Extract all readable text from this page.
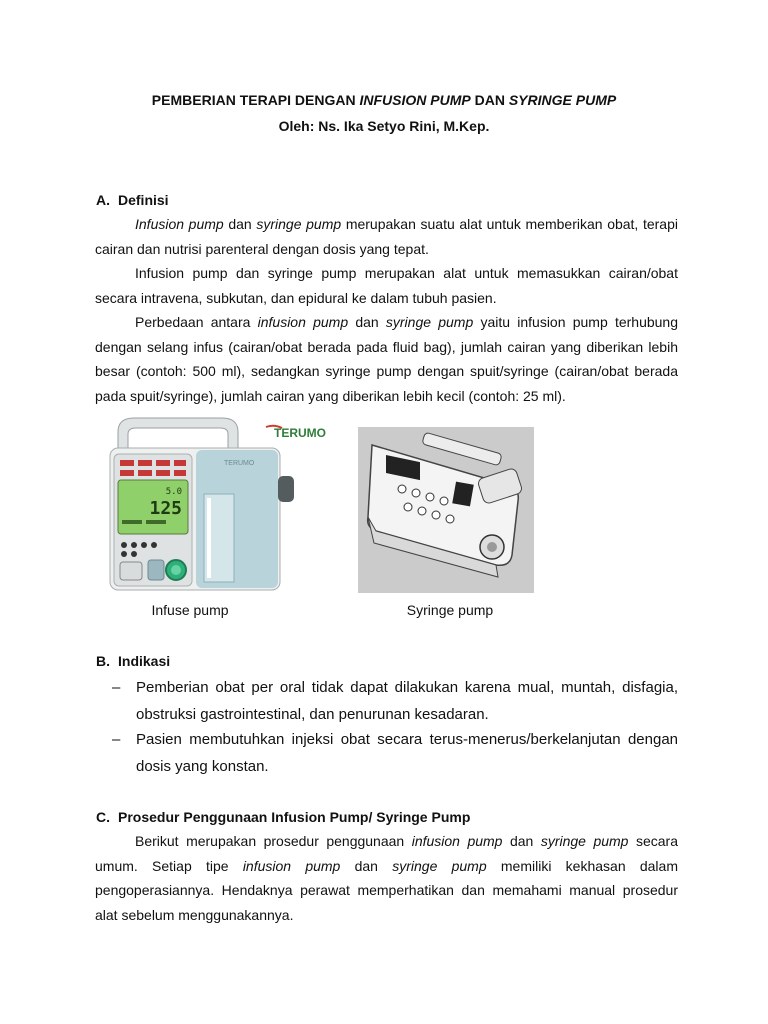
PEMBERIAN TERAPI DENGAN INFUSION PUMP DAN SYRINGE PUMP
Oleh: Ns. Ika Setyo Rini, M.Kep.
A. Definisi
Infusion pump dan syringe pump merupakan suatu alat untuk memberikan obat, terapi cairan dan nutrisi parenteral dengan dosis yang tepat.
Infusion pump dan syringe pump merupakan alat untuk memasukkan cairan/obat secara intravena, subkutan, dan epidural ke dalam tubuh pasien.
Perbedaan antara infusion pump dan syringe pump yaitu infusion pump terhubung dengan selang infus (cairan/obat berada pada fluid bag), jumlah cairan yang diberikan lebih besar (contoh: 500 ml), sedangkan syringe pump dengan spuit/syringe (cairan/obat berada pada spuit/syringe), jumlah cairan yang diberikan lebih kecil (contoh: 25 ml).
TERUMO
5.0
125
TERUMO
Infuse pump	Syringe pump
B. Indikasi
– Pemberian obat per oral tidak dapat dilakukan karena mual, muntah, disfagia, obstruksi gastrointestinal, dan penurunan kesadaran.
– Pasien membutuhkan injeksi obat secara terus-menerus/berkelanjutan dengan dosis yang konstan.
C. Prosedur Penggunaan Infusion Pump/ Syringe Pump
Berikut merupakan prosedur penggunaan infusion pump dan syringe pump secara umum. Setiap tipe infusion pump dan syringe pump memiliki kekhasan dalam pengoperasiannya. Hendaknya perawat memperhatikan dan memahami manual prosedur alat sebelum menggunakannya.
